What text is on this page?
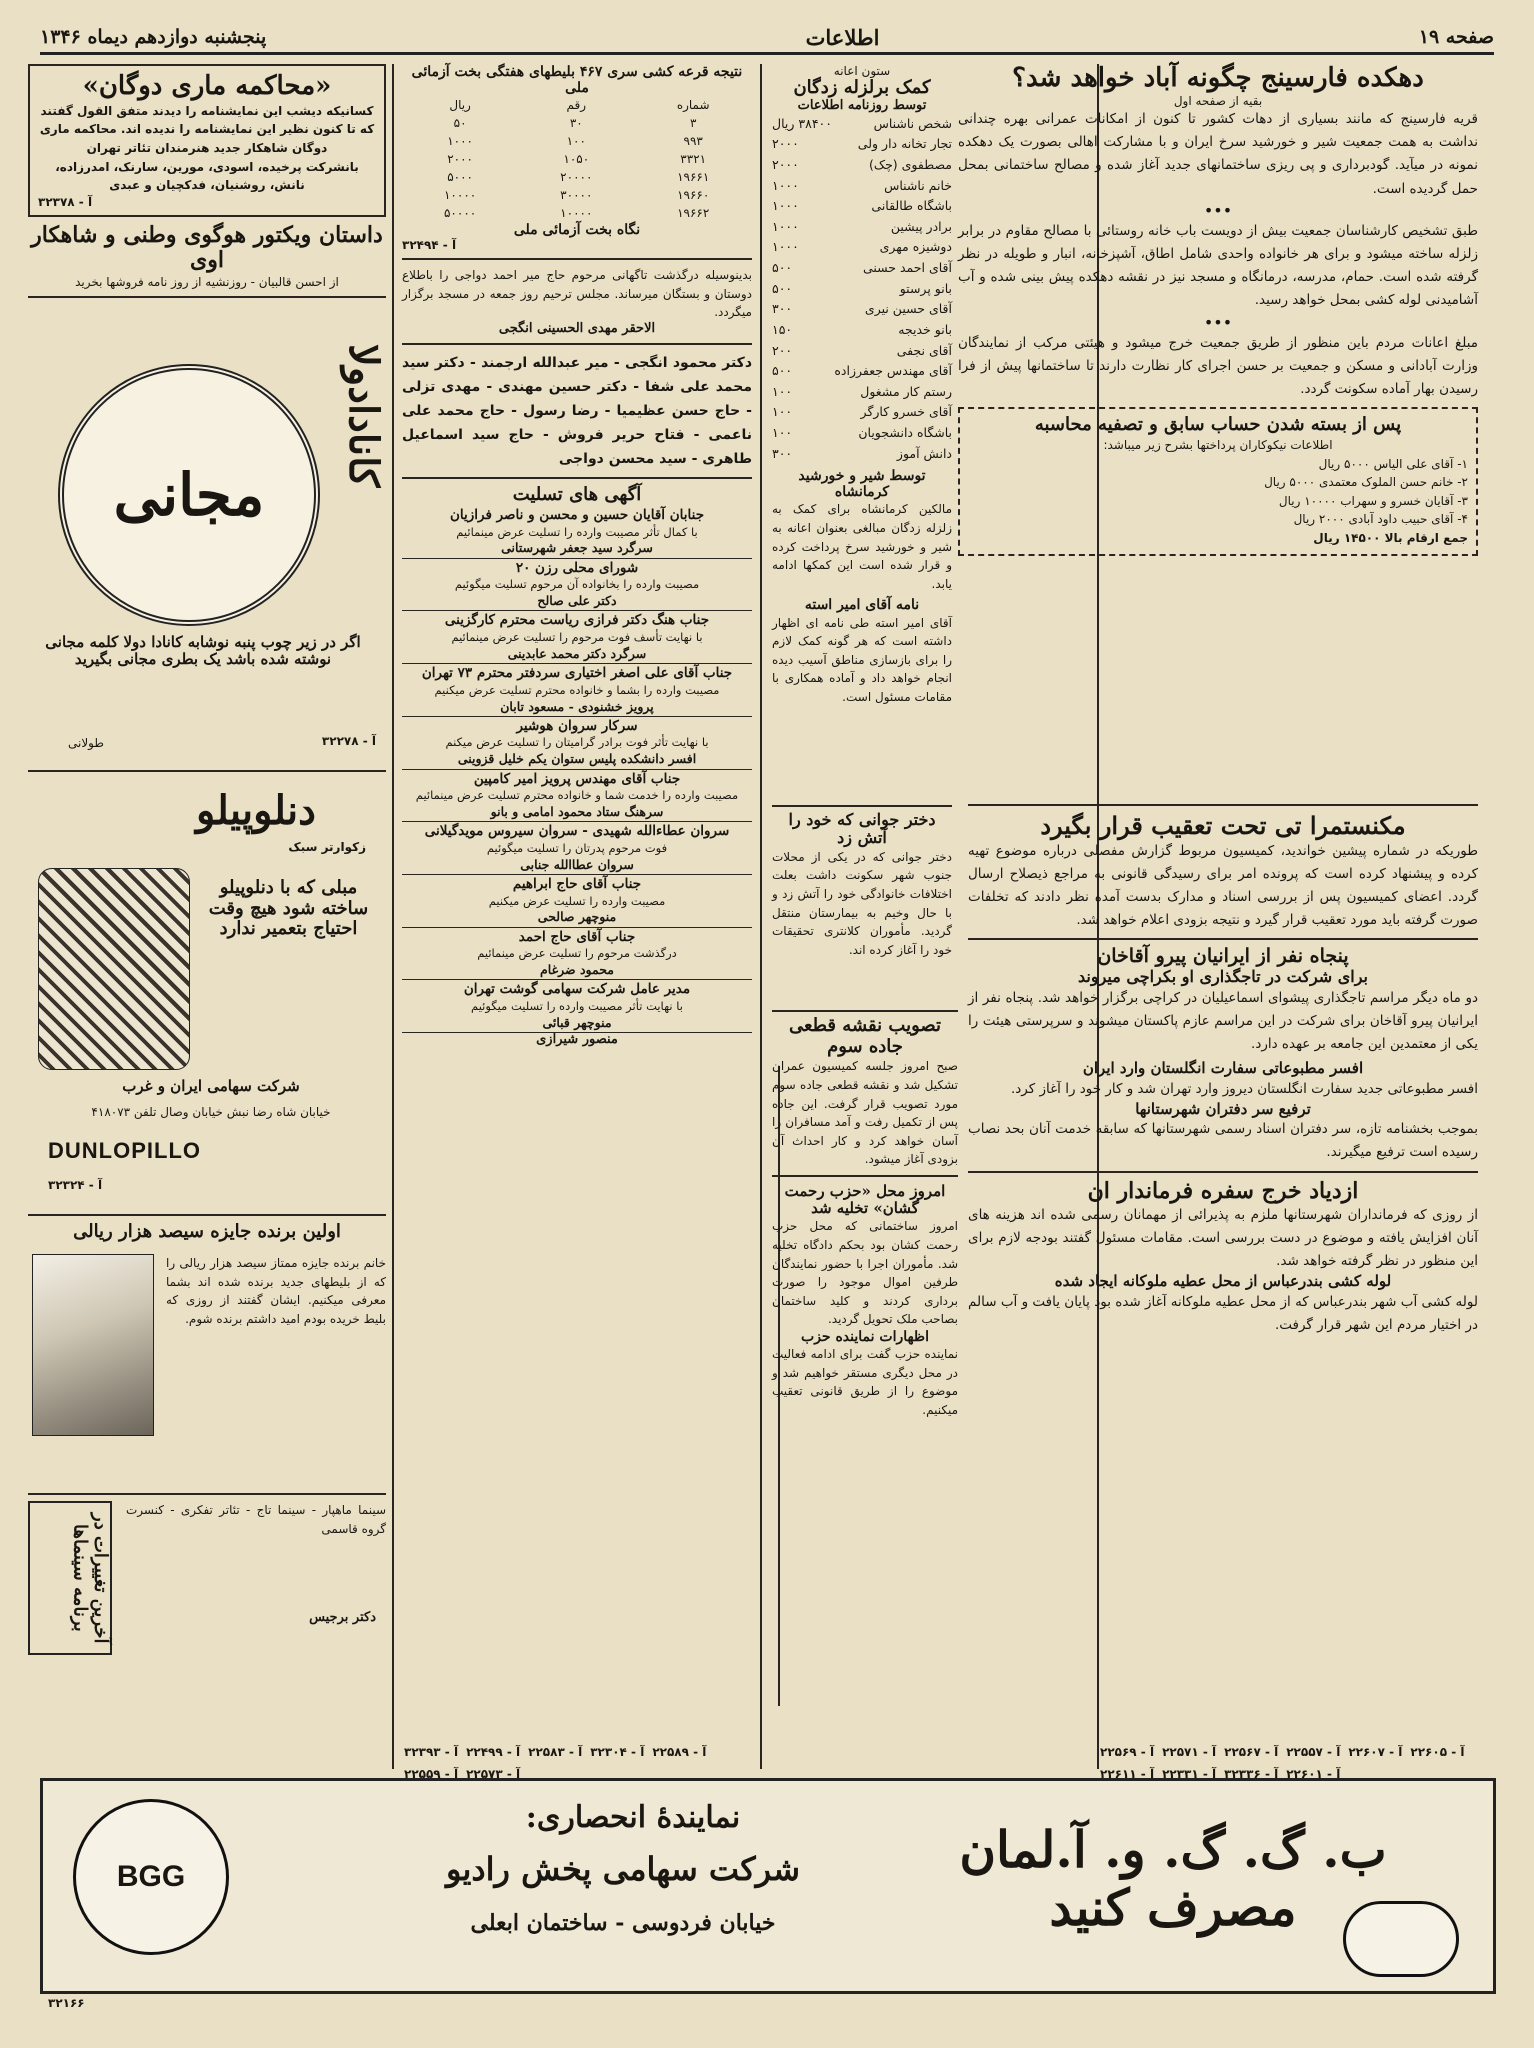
صفحه ۱۹
اطلاعات
پنجشنبه دوازدهم دیماه ۱۳۴۶
دهکده فارسینج چگونه آباد خواهد شد؟
بقیه از صفحه اول
قریه فارسینج که مانند بسیاری از دهات کشور تا کنون از امکانات عمرانی بهره چندانی نداشت به همت جمعیت شیر و خورشید سرخ ایران و با مشارکت اهالی بصورت یک دهکده نمونه در میآید. گودبرداری و پی ریزی ساختمانهای جدید آغاز شده و مصالح ساختمانی بمحل حمل گردیده است.
•••
طبق تشخیص کارشناسان جمعیت بیش از دویست باب خانه روستائی با مصالح مقاوم در برابر زلزله ساخته میشود و برای هر خانواده واحدی شامل اطاق، آشپزخانه، انبار و طویله در نظر گرفته شده است. حمام، مدرسه، درمانگاه و مسجد نیز در نقشه دهکده پیش بینی شده و آب آشامیدنی لوله کشی بمحل خواهد رسید.
•••
مبلغ اعانات مردم باین منظور از طریق جمعیت خرج میشود و هیئتی مرکب از نمایندگان وزارت آبادانی و مسکن و جمعیت بر حسن اجرای کار نظارت دارند تا ساختمانها پیش از فرا رسیدن بهار آماده سکونت گردد.
پس از بسته شدن حساب سابق و تصفیه محاسبه
اطلاعات نیکوکاران پرداختها بشرح زیر میباشد:
۱- آقای علی الیاس ۵۰۰۰ ریال
۲- خانم حسن الملوک معتمدی ۵۰۰۰ ریال
۳- آقایان خسرو و سهراب ۱۰۰۰۰ ریال
۴- آقای حبیب داود آبادی ۲۰۰۰ ریال
جمع ارقام بالا ۱۴۵۰۰ ریال
مکنستمرا تی تحت تعقیب قرار بگیرد
طوریکه در شماره پیشین خواندید، کمیسیون مربوط گزارش مفصلی درباره موضوع تهیه کرده و پیشنهاد کرده است که پرونده امر برای رسیدگی قانونی به مراجع ذیصلاح ارسال گردد. اعضای کمیسیون پس از بررسی اسناد و مدارک بدست آمده نظر دادند که تخلفات صورت گرفته باید مورد تعقیب قرار گیرد و نتیجه بزودی اعلام خواهد شد.
پنجاه نفر از ایرانیان پیرو آقاخان
برای شرکت در تاجگذاری او بکراچی میروند
دو ماه دیگر مراسم تاجگذاری پیشوای اسماعیلیان در کراچی برگزار خواهد شد. پنجاه نفر از ایرانیان پیرو آقاخان برای شرکت در این مراسم عازم پاکستان میشوند و سرپرستی هیئت را یکی از معتمدین این جامعه بر عهده دارد.
افسر مطبوعاتی سفارت انگلستان وارد ایران
افسر مطبوعاتی جدید سفارت انگلستان دیروز وارد تهران شد و کار خود را آغاز کرد.
ترفیع سر دفتران شهرستانها
بموجب بخشنامه تازه، سر دفتران اسناد رسمی شهرستانها که سابقه خدمت آنان بحد نصاب رسیده است ترفیع میگیرند.
ازدیاد خرج سفره فرماندار ان
از روزی که فرمانداران شهرستانها ملزم به پذیرائی از مهمانان رسمی شده اند هزینه های آنان افزایش یافته و موضوع در دست بررسی است. مقامات مسئول گفتند بودجه لازم برای این منظور در نظر گرفته خواهد شد.
لوله کشی بندرعباس از محل عطیه ملوکانه ایجاد شده
لوله کشی آب شهر بندرعباس که از محل عطیه ملوکانه آغاز شده بود پایان یافت و آب سالم در اختیار مردم این شهر قرار گرفت.
ستون اعانه
کمک برلزله زدگان
توسط روزنامه اطلاعات
شخص ناشناس
۳۸۴۰۰ ریال
تجار تخانه دار ولی
۲۰۰۰
مصطفوی (چک)
۲۰۰۰
خانم ناشناس
۱۰۰۰
باشگاه طالقانی
۱۰۰۰
برادر پیشین
۱۰۰۰
دوشیزه مهری
۱۰۰۰
آقای احمد حسنی
۵۰۰
بانو پرستو
۵۰۰
آقای حسین نیری
۳۰۰
بانو خدیجه
۱۵۰
آقای نجفی
۲۰۰
آقای مهندس جعفرزاده
۵۰۰
رستم کار مشغول
۱۰۰
آقای خسرو کارگر
۱۰۰
باشگاه دانشجویان
۱۰۰
دانش آموز
۳۰۰
توسط شیر و خورشید کرمانشاه
مالکین کرمانشاه برای کمک به زلزله زدگان مبالغی بعنوان اعانه به شیر و خورشید سرخ پرداخت کرده و قرار شده است این کمکها ادامه یابد.
نامه آقای امیر استه
آقای امیر استه طی نامه ای اظهار داشته است که هر گونه کمک لازم را برای بازسازی مناطق آسیب دیده انجام خواهد داد و آماده همکاری با مقامات مسئول است.
دختر جوانی که خود را آتش زد
دختر جوانی که در یکی از محلات جنوب شهر سکونت داشت بعلت اختلافات خانوادگی خود را آتش زد و با حال وخیم به بیمارستان منتقل گردید. مأموران کلانتری تحقیقات خود را آغاز کرده اند.
نتیجه قرعه کشی سری ۴۶۷ بلیطهای هفتگی بخت آزمائی ملی
شماره	رقم	ریال
۳	۳۰	۵۰
۹۹۳	۱۰۰	۱۰۰۰
۳۳۲۱	۱۰۵۰	۲۰۰۰
۱۹۶۶۱	۲۰۰۰۰	۵۰۰۰
۱۹۶۶۰	۳۰۰۰۰	۱۰۰۰۰
۱۹۶۶۲	۱۰۰۰۰	۵۰۰۰۰
نگاه بخت آزمائی ملی
آ - ۳۲۴۹۴
بدینوسیله درگذشت تاگهانی مرحوم حاج میر احمد دواجی را باطلاع دوستان و بستگان میرساند. مجلس ترحیم روز جمعه در مسجد برگزار میگردد.
الاحقر مهدی الحسینی انگجی
دکتر محمود انگجی - میر عبدالله ارجمند - دکتر سید محمد علی شفا - دکتر حسین مهندی - مهدی تزلی - حاج حسن عظیمیا - رضا رسول - حاج محمد علی ناعمی - فتاح حریر فروش - حاج سید اسماعیل طاهری - سید محسن دواجی
آگهی های تسلیت
جنابان آقایان حسین و محسن و ناصر فرازیان
با کمال تأثر مصیبت وارده را تسلیت عرض مینمائیم
سرگرد سید جعفر شهرستانی
شورای محلی رزن ۲۰
مصیبت وارده را بخانواده آن مرحوم تسلیت میگوئیم
دکتر علی صالح
جناب هنگ دکتر فرازی ریاست محترم کارگزینی
با نهایت تأسف فوت مرحوم را تسلیت عرض مینمائیم
سرگرد دکتر محمد عابدینی
جناب آقای علی اصغر اختیاری سردفتر محترم ۷۳ تهران
مصیبت وارده را بشما و خانواده محترم تسلیت عرض میکنیم
پرویز خشنودی - مسعود تابان
سرکار سروان هوشیر
با نهایت تأثر فوت برادر گرامیتان را تسلیت عرض میکنم
افسر دانشکده پلیس ستوان یکم خلیل قزوینی
جناب آقای مهندس پرویز امیر کامپین
مصیبت وارده را خدمت شما و خانواده محترم تسلیت عرض مینمائیم
سرهنگ ستاد محمود امامی و بانو
سروان عطاءالله شهیدی - سروان سیروس مویدگیلانی
فوت مرحوم پدرتان را تسلیت میگوئیم
سروان عطاالله جنابی
جناب آقای حاج ابراهیم
مصیبت وارده را تسلیت عرض میکنیم
منوچهر صالحی
جناب آقای حاج احمد
درگذشت مرحوم را تسلیت عرض مینمائیم
محمود ضرغام
مدیر عامل شرکت سهامی گوشت تهران
با نهایت تأثر مصیبت وارده را تسلیت میگوئیم
منوچهر قبائی
منصور شیرازی
«محاکمه ماری دوگان»
کسانیکه دیشب این نمایشنامه را دیدند متفق القول گفتند که تا کنون نظیر این نمایشنامه را ندیده اند. محاکمه ماری دوگان شاهکار جدید هنرمندان تئاتر تهران
بانشرکت پرخیده، اسودی، مورین، سارنک، امدرزاده، نانش، روشنیان، فدکچیان و عبدی
آ - ۳۲۳۷۸
داستان ویکتور هوگوی وطنی و شاهکار اوی
از احسن قالبیان - روزنشیه از روز نامه فروشها بخرید
کانادادولا
مجانی
اگر در زیر چوب پنبه نوشابه کانادا دولا کلمه مجانی نوشته شده باشد یک بطری مجانی بگیرید
طولانی	آ - ۳۲۲۷۸
دنلوپیلو
زکوارتر سبک
مبلی که با دنلوپیلو ساخته شود هیچ وقت احتیاج بتعمیر ندارد
شرکت سهامی ایران و غرب
خیابان شاه رضا نبش خیابان وصال تلفن ۴۱۸۰۷۳
DUNLOPILLO
آ - ۳۲۳۲۴
اولین برنده جایزه سیصد هزار ریالی
خانم برنده جایزه ممتاز سیصد هزار ریالی را که از بلیطهای جدید برنده شده اند بشما معرفی میکنیم. ایشان گفتند از روزی که بلیط خریده بودم امید داشتم برنده شوم.
آخرین تغییرات در برنامه سینماها
سینما ماهپار - سینما تاج - تئاتر تفکری - کنسرت گروه قاسمی
دکتر برجیس
BGG
نمایندهٔ انحصاری:
شرکت سهامی پخش رادیو
خیابان فردوسی - ساختمان ابعلی
ب. گ. گ. و. آ.لمان مصرف کنید
۳۲۱۶۶
تصویب نقشه قطعی جاده سوم
صبح امروز جلسه کمیسیون عمران تشکیل شد و نقشه قطعی جاده سوم مورد تصویب قرار گرفت. این جاده پس از تکمیل رفت و آمد مسافران را آسان خواهد کرد و کار احداث آن بزودی آغاز میشود.
امروز محل «حزب رحمت گشان» تخلیه شد
امروز ساختمانی که محل حزب رحمت کشان بود بحکم دادگاه تخلیه شد. مأموران اجرا با حضور نمایندگان طرفین اموال موجود را صورت برداری کردند و کلید ساختمان بصاحب ملک تحویل گردید.
اظهارات نماینده حزب
نماینده حزب گفت برای ادامه فعالیت در محل دیگری مستقر خواهیم شد و موضوع را از طریق قانونی تعقیب میکنیم.
آ - ۳۲۳۹۳ آ - ۲۲۴۹۹ آ - ۲۲۵۸۳ آ - ۳۲۳۰۴ آ - ۲۲۵۸۹
آ - ۲۲۵۵۹ آ - ۲۲۵۷۳
آ - ۲۲۵۶۹ آ - ۲۲۵۷۱ آ - ۲۲۵۶۷ آ - ۲۲۵۵۷ آ - ۲۲۶۰۷ آ - ۲۲۶۰۵
آ - ۲۲۶۱۱ آ - ۲۲۳۳۱ آ - ۳۲۳۳۶ آ - ۲۲۶۰۱
